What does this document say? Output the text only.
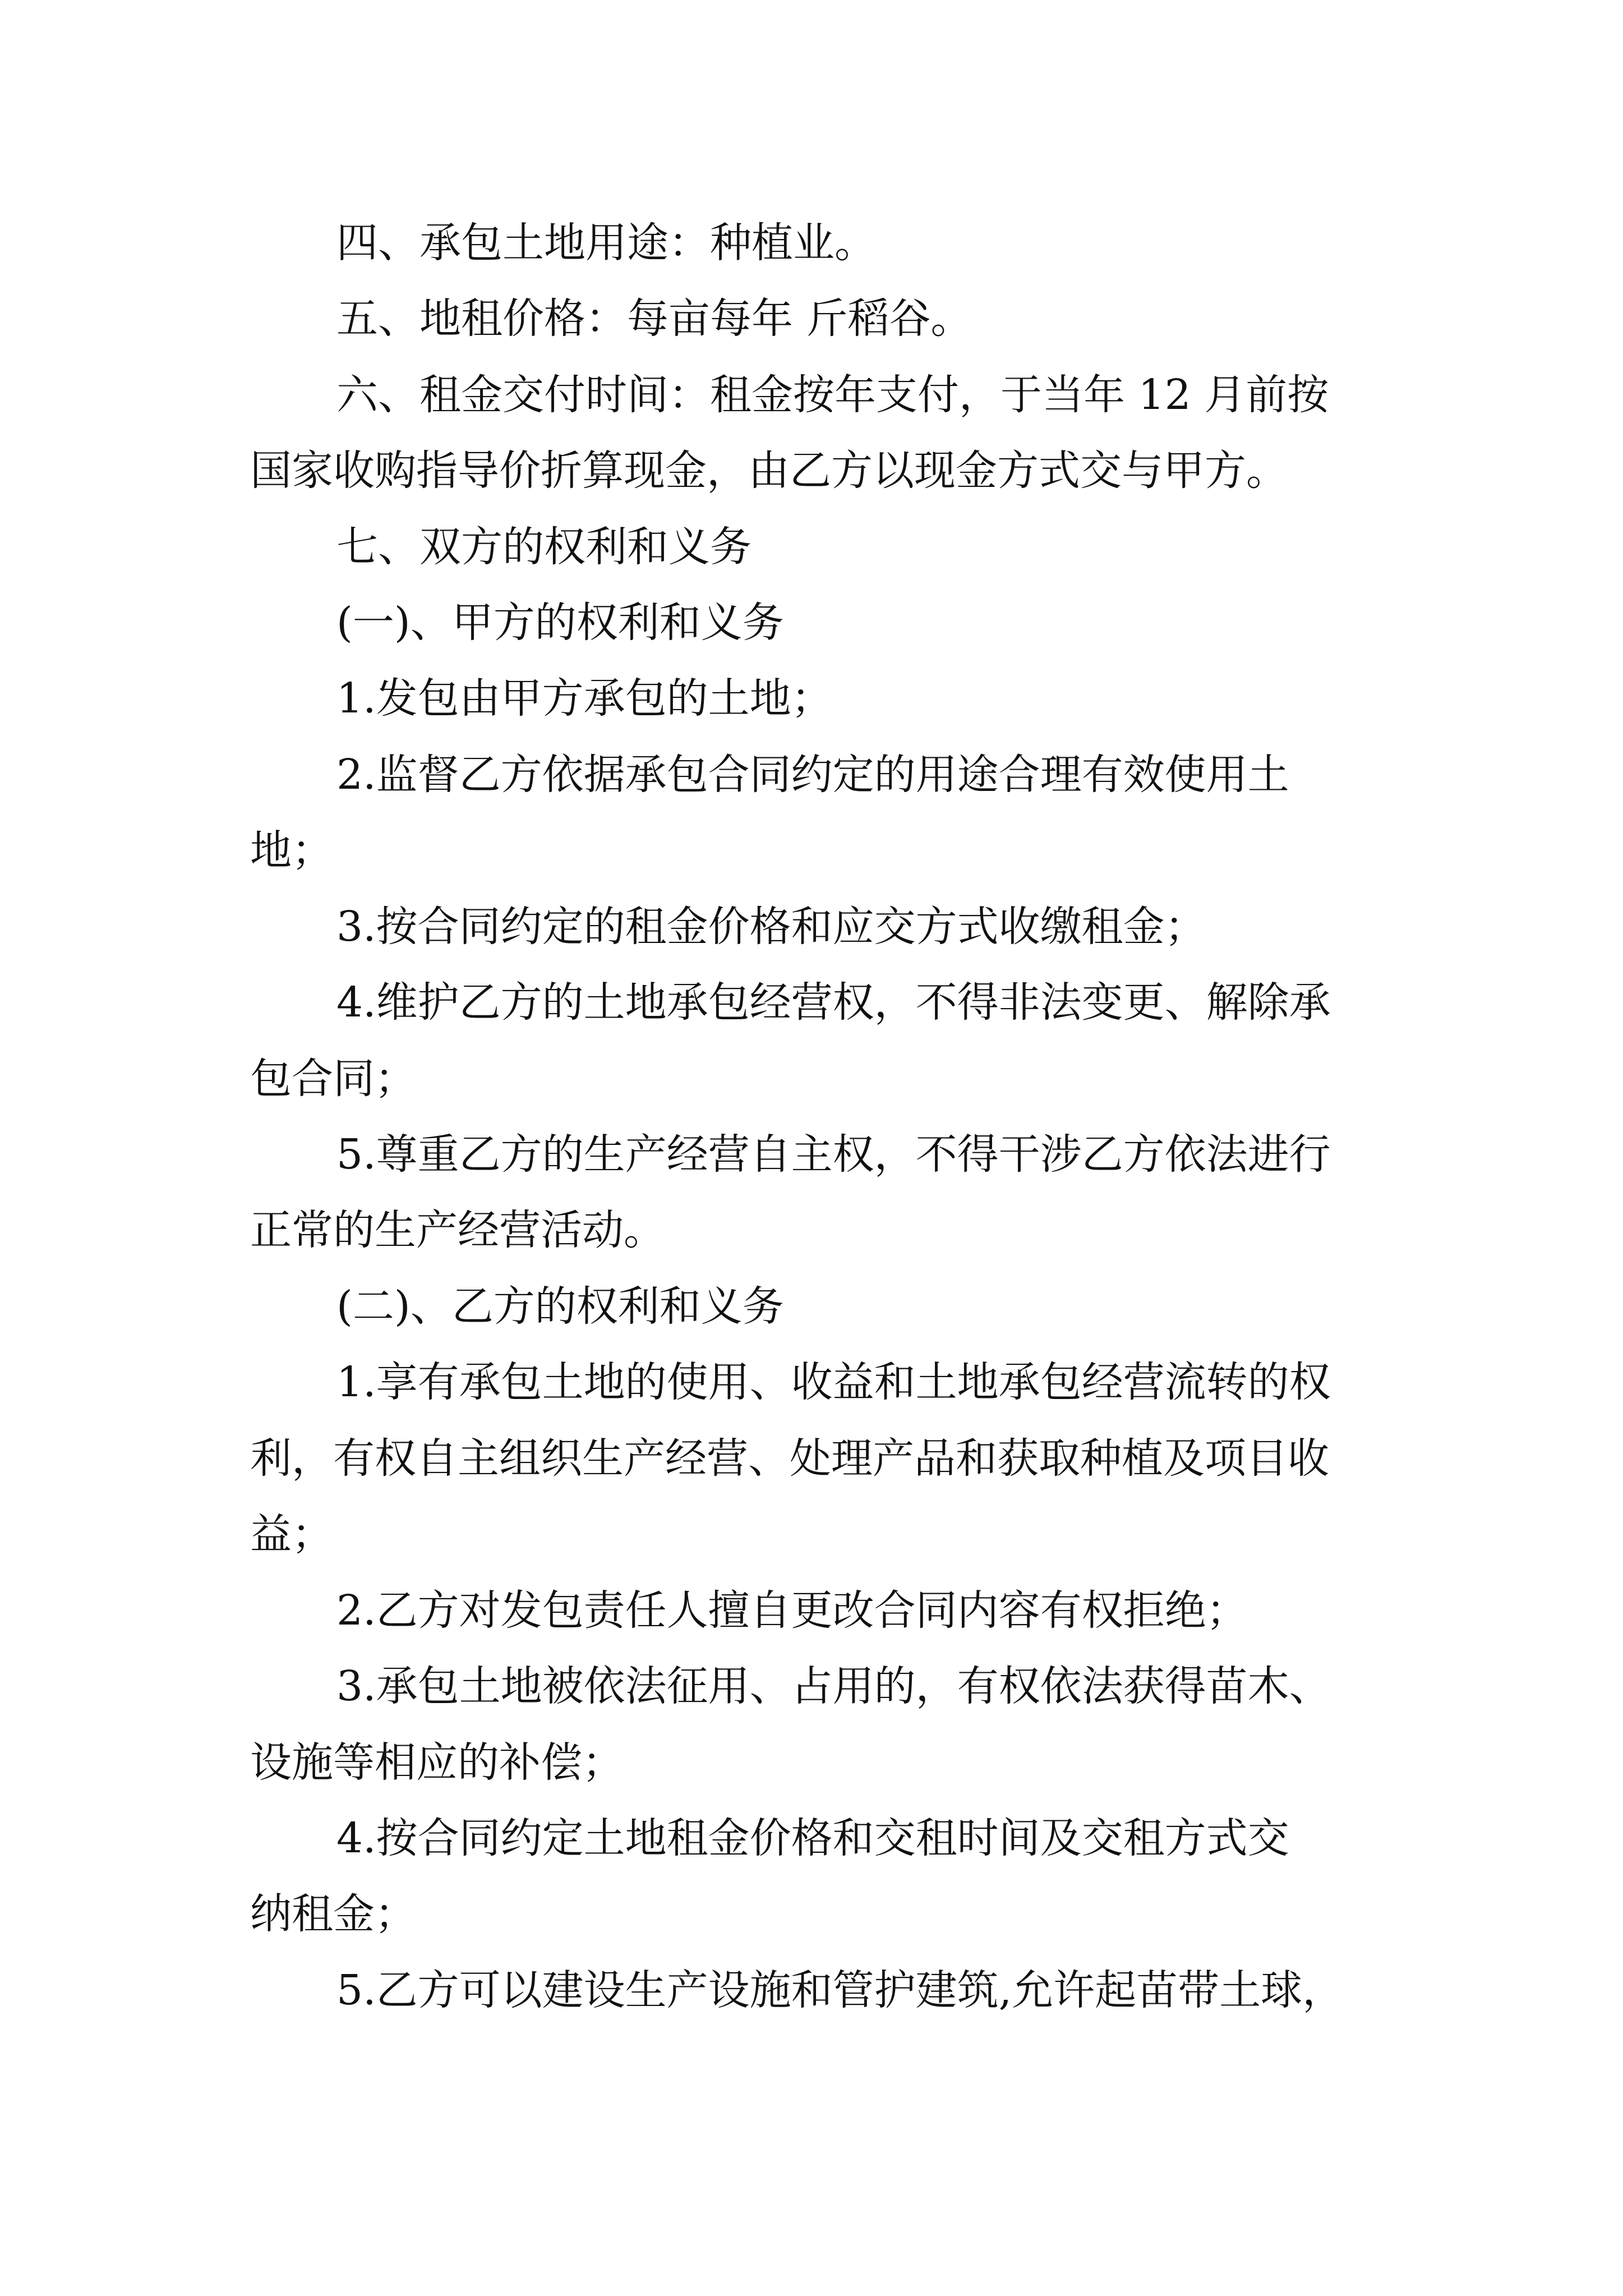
四、承包土地用途：种植业。
五、地租价格：每亩每年 斤稻谷。
六、租金交付时间：租金按年支付，于当年 12 月前按
国家收购指导价折算现金，由乙方以现金方式交与甲方。
七、双方的权利和义务
(一)、甲方的权利和义务
1.发包由甲方承包的土地；
2.监督乙方依据承包合同约定的用途合理有效使用土
地；
3.按合同约定的租金价格和应交方式收缴租金；
4.维护乙方的土地承包经营权，不得非法变更、解除承
包合同；
5.尊重乙方的生产经营自主权，不得干涉乙方依法进行
正常的生产经营活动。
(二)、乙方的权利和义务
1.享有承包土地的使用、收益和土地承包经营流转的权
利，有权自主组织生产经营、处理产品和获取种植及项目收
益；
2.乙方对发包责任人擅自更改合同内容有权拒绝；
3.承包土地被依法征用、占用的，有权依法获得苗木、
设施等相应的补偿；
4.按合同约定土地租金价格和交租时间及交租方式交
纳租金；
5.乙方可以建设生产设施和管护建筑,允许起苗带土球，
